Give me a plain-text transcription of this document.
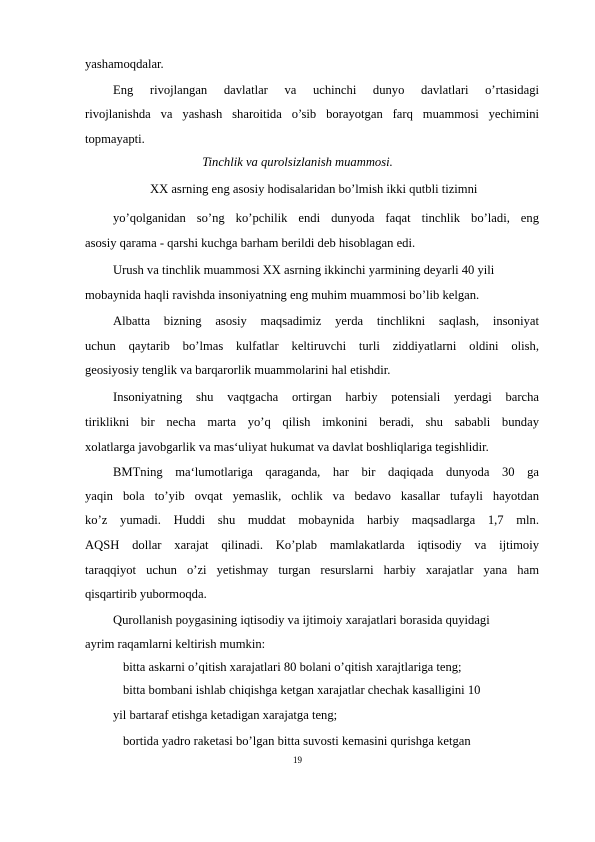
yashamoqdalar.
Eng rivojlangan davlatlar va uchinchi dunyo davlatlari o’rtasidagi
rivojlanishda va yashash sharoitida o’sib borayotgan farq muammosi yechimini
topmayapti.
Tinchlik va qurolsizlanish muammosi.
XX asrning eng asosiy hodisalaridan bo’lmish ikki qutbli tizimni
yo’qolganidan so’ng ko’pchilik endi dunyoda faqat tinchlik bo’ladi, eng
asosiy qarama - qarshi kuchga barham berildi deb hisoblagan edi.
Urush va tinchlik muammosi XX asrning ikkinchi yarmining deyarli 40 yili
mobaynida haqli ravishda insoniyatning eng muhim muammosi bo’lib kelgan.
Albatta bizning asosiy maqsadimiz yerda tinchlikni saqlash, insoniyat
uchun qaytarib bo’lmas kulfatlar keltiruvchi turli ziddiyatlarni oldini olish,
geosiyosiy tenglik va barqarorlik muammolarini hal etishdir.
Insoniyatning shu vaqtgacha ortirgan harbiy potensiali yerdagi barcha
tiriklikni bir necha marta yo’q qilish imkonini beradi, shu sababli bunday
xolatlarga javobgarlik va mas‘uliyat hukumat va davlat boshliqlariga tegishlidir.
BMTning ma‘lumotlariga qaraganda, har bir daqiqada dunyoda 30 ga
yaqin bola to’yib ovqat yemaslik, ochlik va bedavo kasallar tufayli hayotdan
ko’z yumadi. Huddi shu muddat mobaynida harbiy maqsadlarga 1,7 mln.
AQSH dollar xarajat qilinadi. Ko’plab mamlakatlarda iqtisodiy va ijtimoiy
taraqqiyot uchun o’zi yetishmay turgan resurslarni harbiy xarajatlar yana ham
qisqartirib yubormoqda.
Qurollanish poygasining iqtisodiy va ijtimoiy xarajatlari borasida quyidagi
ayrim raqamlarni keltirish mumkin:
bitta askarni o’qitish xarajatlari 80 bolani o’qitish xarajtlariga teng;
bitta bombani ishlab chiqishga ketgan xarajatlar chechak kasalligini 10
yil bartaraf etishga ketadigan xarajatga teng;
bortida yadro raketasi bo’lgan bitta suvosti kemasini qurishga ketgan
19
